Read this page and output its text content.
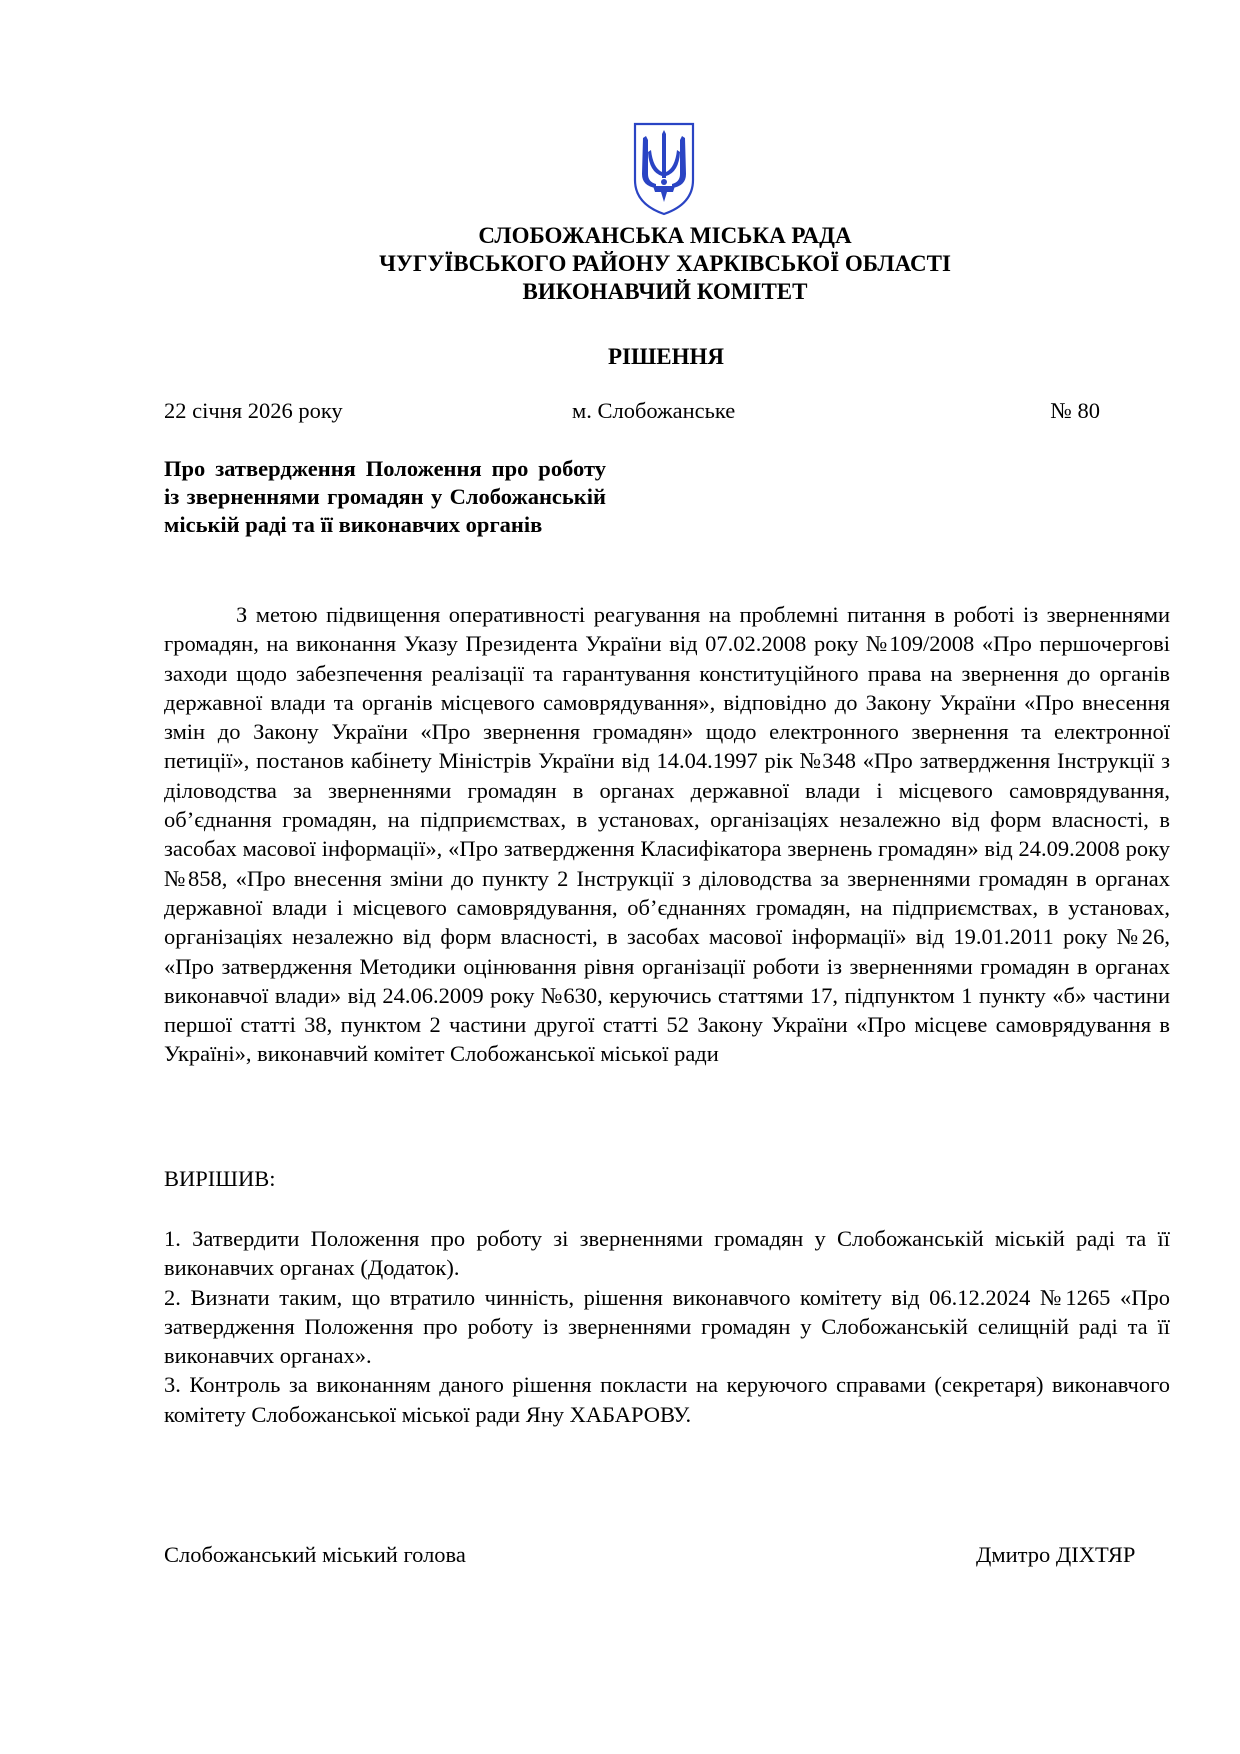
СЛОБОЖАНСЬКА МІСЬКА РАДА
ЧУГУЇВСЬКОГО РАЙОНУ ХАРКІВСЬКОЇ ОБЛАСТІ
ВИКОНАВЧИЙ КОМІТЕТ
РІШЕННЯ
22 січня 2026 року	м. Слобожанське	№ 80
Про затвердження Положення про роботу із зверненнями громадян у Слобожанській міській раді та її виконавчих органів
З метою підвищення оперативності реагування на проблемні питання в роботі із зверненнями громадян, на виконання Указу Президента України від 07.02.2008 року №109/2008 «Про першочергові заходи щодо забезпечення реалізації та гарантування конституційного права на звернення до органів державної влади та органів місцевого самоврядування», відповідно до Закону України «Про внесення змін до Закону України «Про звернення громадян» щодо електронного звернення та електронної петиції», постанов кабінету Міністрів України від 14.04.1997 рік №348 «Про затвердження Інструкції з діловодства за зверненнями громадян в органах державної влади і місцевого самоврядування, об’єднання громадян, на підприємствах, в установах, організаціях незалежно від форм власності, в засобах масової інформації», «Про затвердження Класифікатора звернень громадян» від 24.09.2008 року №858, «Про внесення зміни до пункту 2 Інструкції з діловодства за зверненнями громадян в органах державної влади і місцевого самоврядування, об’єднаннях громадян, на підприємствах, в установах, організаціях незалежно від форм власності, в засобах масової інформації» від 19.01.2011 року №26, «Про затвердження Методики оцінювання рівня організації роботи із зверненнями громадян в органах виконавчої влади» від 24.06.2009 року №630, керуючись статтями 17, підпунктом 1 пункту «б» частини першої статті 38, пунктом 2 частини другої статті 52 Закону України «Про місцеве самоврядування в Україні», виконавчий комітет Слобожанської міської ради
ВИРІШИВ:

1. Затвердити Положення про роботу зі зверненнями громадян у Слобожанській міській раді та її виконавчих органах (Додаток).

2. Визнати таким, що втратило чинність, рішення виконавчого комітету від 06.12.2024 №1265 «Про затвердження Положення про роботу із зверненнями громадян у Слобожанській селищній раді та її виконавчих органах».

3. Контроль за виконанням даного рішення покласти на керуючого справами (секретаря) виконавчого комітету Слобожанської міської ради Яну ХАБАРОВУ.

Слобожанський міський голова	Дмитро ДІХТЯР
